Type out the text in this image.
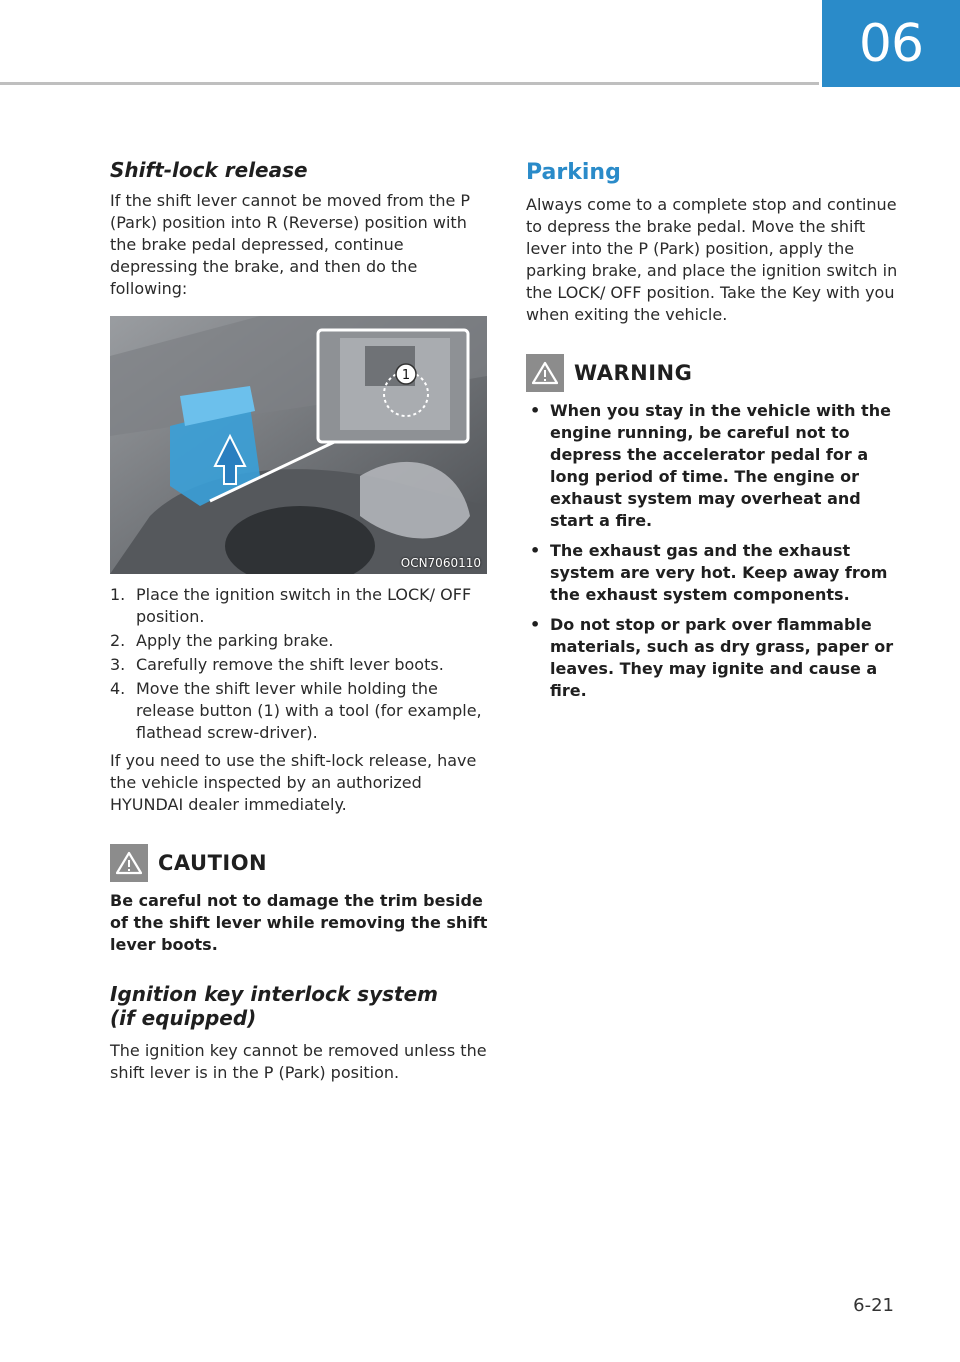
06
Shift-lock release

If the shift lever cannot be moved from the P (Park) position into R (Reverse) position with the brake pedal depressed, continue depressing the brake, and then do the following:

1
OCN7060110
1. Place the ignition switch in the LOCK/ OFF position.
2. Apply the parking brake.
3. Carefully remove the shift lever boots.
4. Move the shift lever while holding the release button (1) with a tool (for example, flathead screw-driver).

If you need to use the shift-lock release, have the vehicle inspected by an authorized HYUNDAI dealer immediately.

CAUTION

Be careful not to damage the trim beside of the shift lever while removing the shift lever boots.

Ignition key interlock system
(if equipped)

The ignition key cannot be removed unless the shift lever is in the P (Park) position.

Parking

Always come to a complete stop and continue to depress the brake pedal. Move the shift lever into the P (Park) position, apply the parking brake, and place the ignition switch in the LOCK/ OFF position. Take the Key with you when exiting the vehicle.

WARNING
• When you stay in the vehicle with the engine running, be careful not to depress the accelerator pedal for a long period of time. The engine or exhaust system may overheat and start a fire.
• The exhaust gas and the exhaust system are very hot. Keep away from the exhaust system components.
• Do not stop or park over flammable materials, such as dry grass, paper or leaves. They may ignite and cause a fire.
6-21
